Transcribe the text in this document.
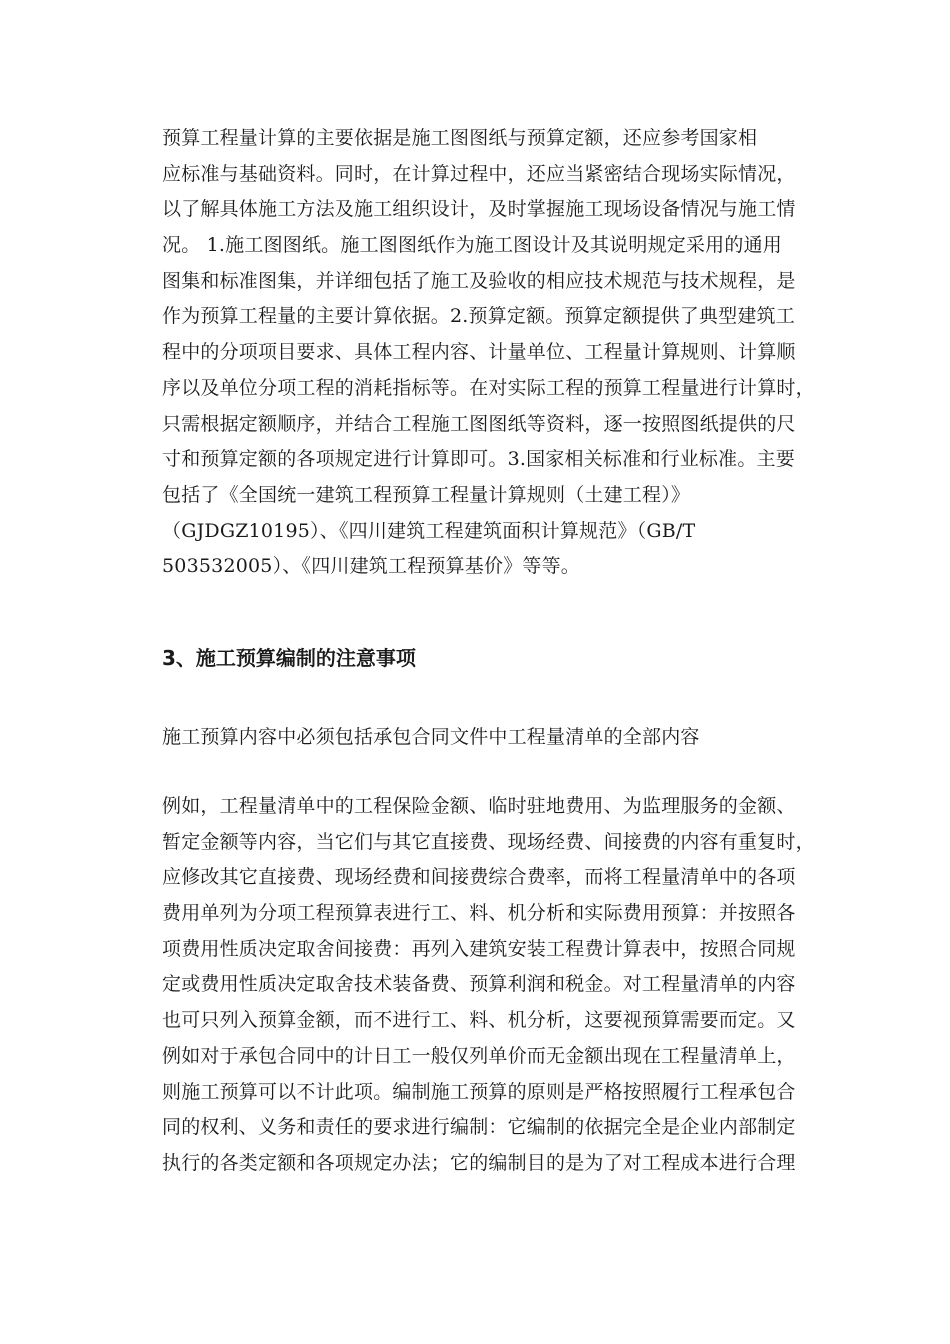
预算工程量计算的主要依据是施工图图纸与预算定额，还应参考国家相
应标准与基础资料。同时，在计算过程中，还应当紧密结合现场实际情况，
以了解具体施工方法及施工组织设计，及时掌握施工现场设备情况与施工情
况。 1.施工图图纸。施工图图纸作为施工图设计及其说明规定采用的通用
图集和标准图集，并详细包括了施工及验收的相应技术规范与技术规程，是
作为预算工程量的主要计算依据。2.预算定额。预算定额提供了典型建筑工
程中的分项项目要求、具体工程内容、计量单位、工程量计算规则、计算顺
序以及单位分项工程的消耗指标等。在对实际工程的预算工程量进行计算时，
只需根据定额顺序，并结合工程施工图图纸等资料，逐一按照图纸提供的尺
寸和预算定额的各项规定进行计算即可。3.国家相关标准和行业标准。主要
包括了《全国统一建筑工程预算工程量计算规则（土建工程）》
（GJDGZ10195）、《四川建筑工程建筑面积计算规范》（GB/T
503532005）、《四川建筑工程预算基价》等等。
3、施工预算编制的注意事项
施工预算内容中必须包括承包合同文件中工程量清单的全部内容
例如，工程量清单中的工程保险金额、临时驻地费用、为监理服务的金额、
暂定金额等内容，当它们与其它直接费、现场经费、间接费的内容有重复时，
应修改其它直接费、现场经费和间接费综合费率，而将工程量清单中的各项
费用单列为分项工程预算表进行工、料、机分析和实际费用预算：并按照各
项费用性质决定取舍间接费：再列入建筑安装工程费计算表中，按照合同规
定或费用性质决定取舍技术装备费、预算利润和税金。对工程量清单的内容
也可只列入预算金额，而不进行工、料、机分析，这要视预算需要而定。又
例如对于承包合同中的计日工一般仅列单价而无金额出现在工程量清单上，
则施工预算可以不计此项。编制施工预算的原则是严格按照履行工程承包合
同的权利、义务和责任的要求进行编制：它编制的依据完全是企业内部制定
执行的各类定额和各项规定办法；它的编制目的是为了对工程成本进行合理
